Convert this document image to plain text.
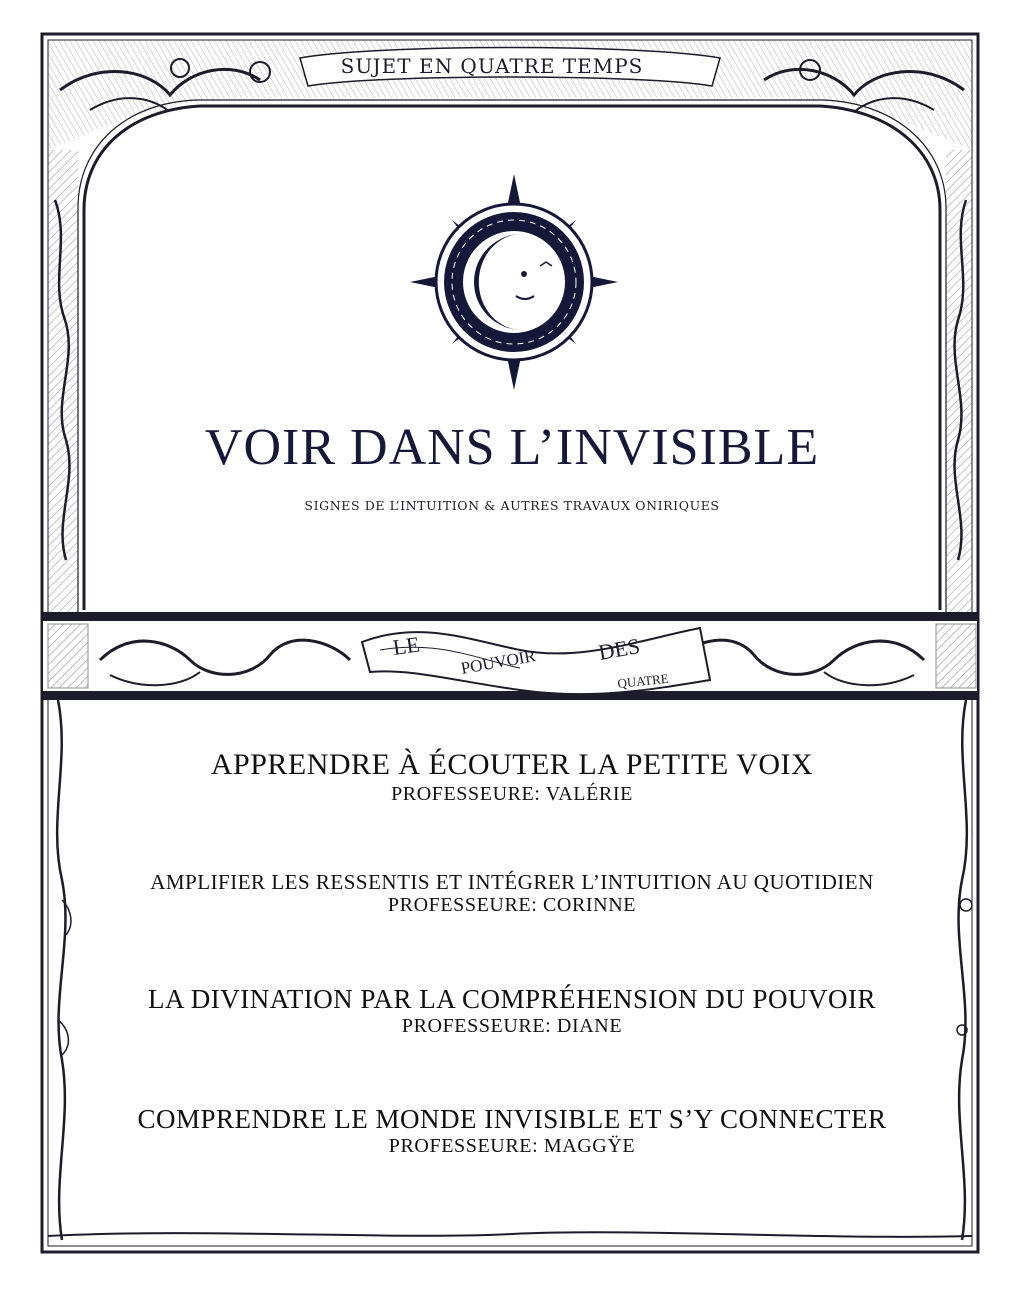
LE
POUVOIR	DES
QUATRE
SUJET EN QUATRE TEMPS
VOIR DANS L’INVISIBLE
SIGNES DE L’INTUITION & AUTRES TRAVAUX ONIRIQUES
APPRENDRE À ÉCOUTER LA PETITE VOIX
PROFESSEURE: VALÉRIE
AMPLIFIER LES RESSENTIS ET INTÉGRER L’INTUITION AU QUOTIDIEN
PROFESSEURE: CORINNE
LA DIVINATION PAR LA COMPRÉHENSION DU POUVOIR
PROFESSEURE: DIANE
COMPRENDRE LE MONDE INVISIBLE ET S’Y CONNECTER
PROFESSEURE: MAGGŸE
